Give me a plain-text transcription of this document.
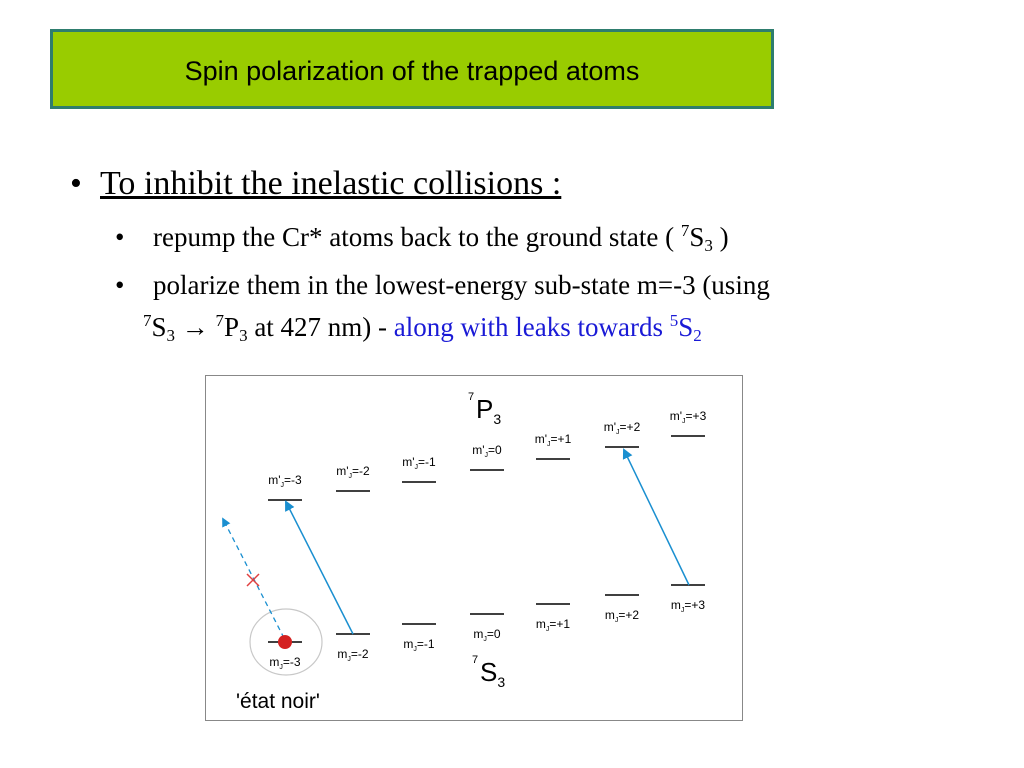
Spin polarization of the trapped atoms
• To inhibit the inelastic collisions :
• repump the Cr* atoms back to the ground state ( $^7S_3$ )
• polarize them in the lowest-energy sub-state m=-3 (using
$^7S_3 \to ^7P_3$ at 427 nm) - along with leaks towards $^5S_2$
7P3
7S3
'état noir'
$m'_J=-3$
$m'_J=-2$
$m'_J=-1$
$m'_J=0$
$m'_J=+1$
$m'_J=+2$
$m'_J=+3$
$m_J=-3$
$m_J=-2$
$m_J=-1$
$m_J=0$
$m_J=+1$
$m_J=+2$
$m_J=+3$
